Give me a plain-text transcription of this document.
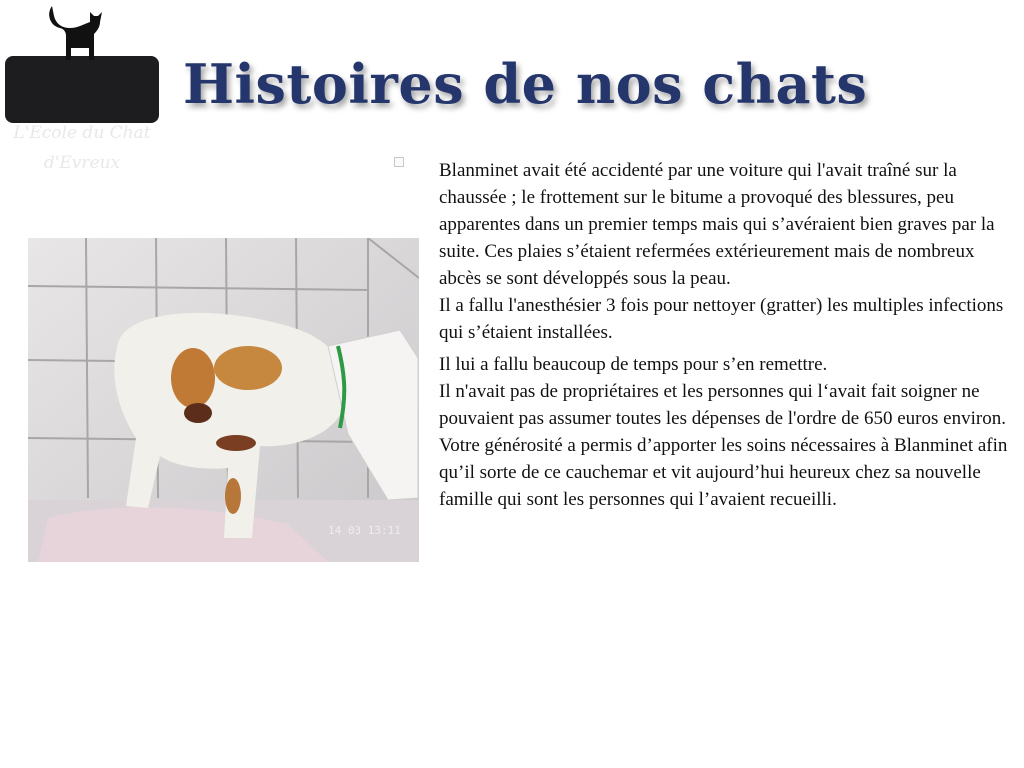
L'Ecole du Chat
d'Evreux
Histoires de nos chats
14 03 13:11

Blanminet avait été accidenté par une voiture qui l'avait traîné sur la chaussée ; le frottement sur le bitume a provoqué des blessures, peu apparentes dans un premier temps mais qui s’avéraient bien graves par la suite. Ces plaies s’étaient refermées extérieurement mais de nombreux abcès se sont développés sous la peau.

Il a fallu l'anesthésier 3 fois pour nettoyer (gratter) les multiples infections qui s’étaient installées.

Il lui a fallu beaucoup de temps pour s’en remettre.

Il n'avait pas de propriétaires et les personnes qui l‘avait fait soigner ne pouvaient pas assumer toutes les dépenses de l'ordre de 650 euros environ.

Votre générosité a permis d’apporter les soins nécessaires à Blanminet afin qu’il sorte de ce cauchemar et vit aujourd’hui heureux chez sa nouvelle famille qui sont les personnes qui l’avaient recueilli.
